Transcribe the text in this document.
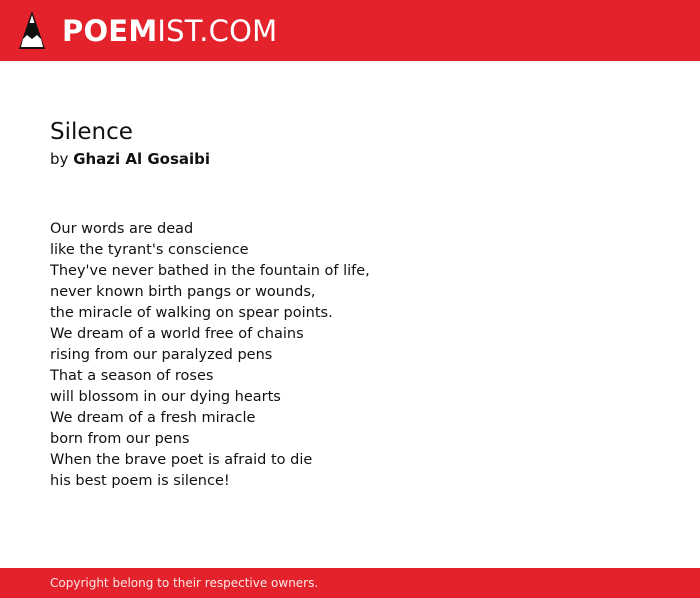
POEMIST.COM
Silence
by Ghazi Al Gosaibi
Our words are dead
like the tyrant's conscience
They've never bathed in the fountain of life,
never known birth pangs or wounds,
the miracle of walking on spear points.
We dream of a world free of chains
rising from our paralyzed pens
That a season of roses
will blossom in our dying hearts
We dream of a fresh miracle
born from our pens
When the brave poet is afraid to die
his best poem is silence!
Copyright belong to their respective owners.
